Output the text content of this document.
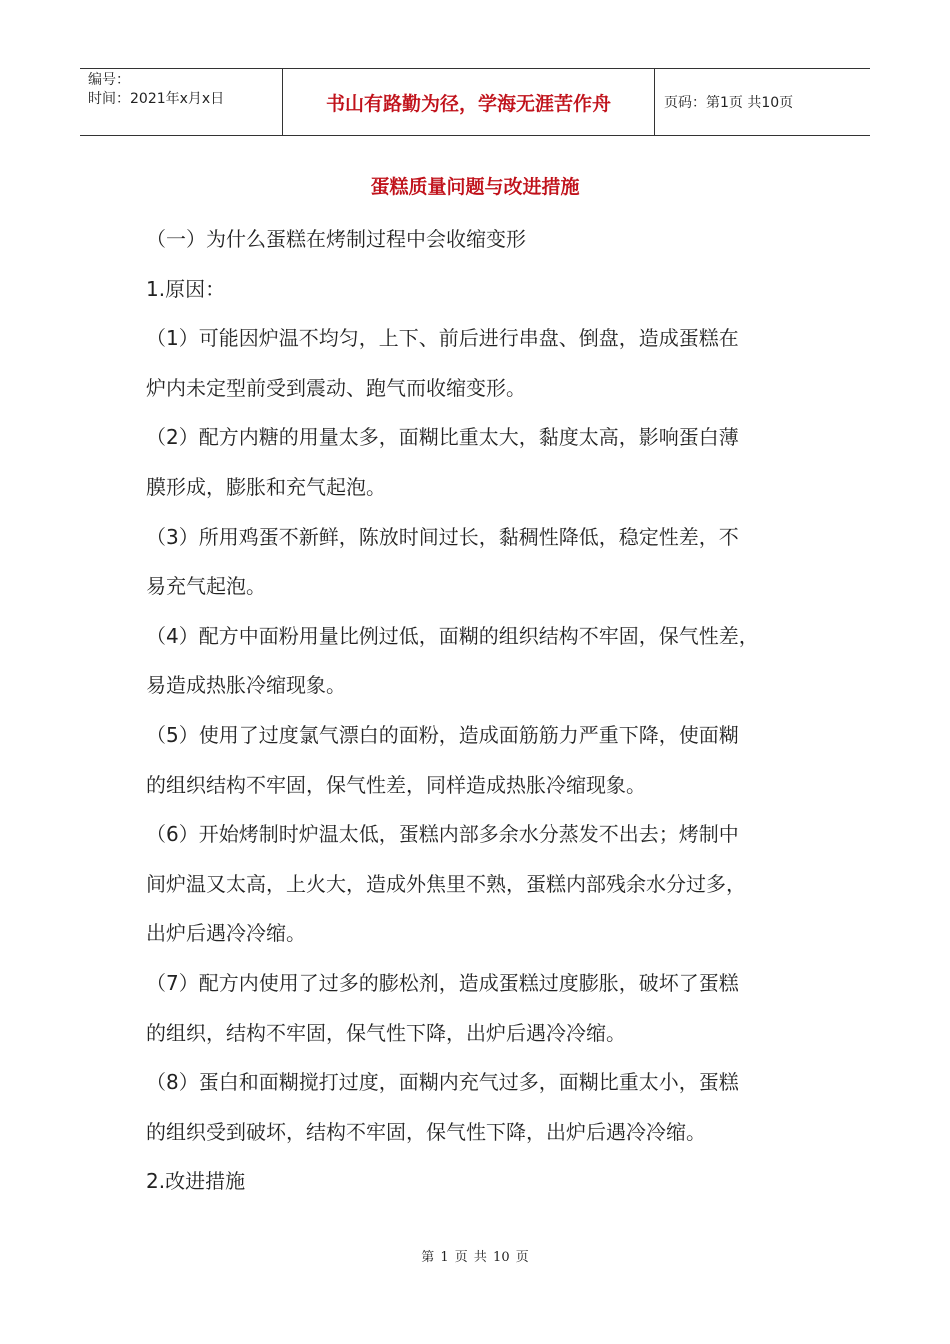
编号：
时间：2021年x月x日	书山有路勤为径，学海无涯苦作舟	页码：第1页 共10页
蛋糕质量问题与改进措施

（一）为什么蛋糕在烤制过程中会收缩变形

1.原因：

（1）可能因炉温不均匀，上下、前后进行串盘、倒盘，造成蛋糕在

炉内未定型前受到震动、跑气而收缩变形。

（2）配方内糖的用量太多，面糊比重太大，黏度太高，影响蛋白薄

膜形成，膨胀和充气起泡。

（3）所用鸡蛋不新鲜，陈放时间过长，黏稠性降低，稳定性差，不

易充气起泡。

（4）配方中面粉用量比例过低，面糊的组织结构不牢固，保气性差，

易造成热胀冷缩现象。

（5）使用了过度氯气漂白的面粉，造成面筋筋力严重下降，使面糊

的组织结构不牢固，保气性差，同样造成热胀冷缩现象。

（6）开始烤制时炉温太低，蛋糕内部多余水分蒸发不出去；烤制中

间炉温又太高，上火大，造成外焦里不熟，蛋糕内部残余水分过多，

出炉后遇冷冷缩。

（7）配方内使用了过多的膨松剂，造成蛋糕过度膨胀，破坏了蛋糕

的组织，结构不牢固，保气性下降，出炉后遇冷冷缩。

（8）蛋白和面糊搅打过度，面糊内充气过多，面糊比重太小，蛋糕

的组织受到破坏，结构不牢固，保气性下降，出炉后遇冷冷缩。

2.改进措施

第 1 页 共 10 页
